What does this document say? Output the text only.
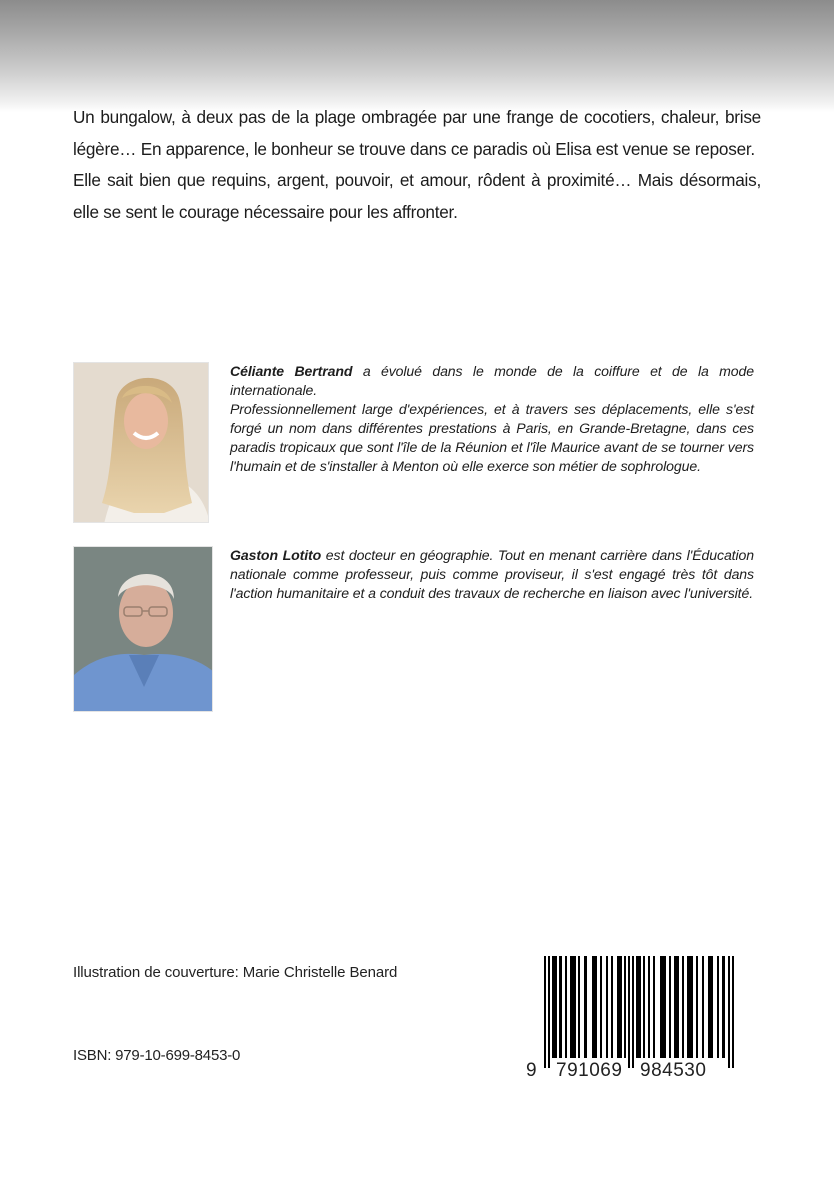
Un bungalow, à deux pas de la plage ombragée par une frange de cocotiers, chaleur, brise légère… En apparence, le bonheur se trouve dans ce paradis où Elisa est venue se reposer.

Elle sait bien que requins, argent, pouvoir, et amour, rôdent à proximité… Mais désormais, elle se sent le courage nécessaire pour les affronter.

Céliante Bertrand a évolué dans le monde de la coiffure et de la mode internationale.
Professionnellement large d'expériences, et à travers ses déplacements, elle s'est forgé un nom dans différentes prestations à Paris, en Grande-Bretagne, dans ces paradis tropicaux que sont l'île de la Réunion et l'île Maurice avant de se tourner vers l'humain et de s'installer à Menton où elle exerce son métier de sophrologue.
Gaston Lotito est docteur en géographie. Tout en menant carrière dans l'Éducation nationale comme professeur, puis comme proviseur, il s'est engagé très tôt dans l'action humanitaire et a conduit des travaux de recherche en liaison avec l'université.
Illustration de couverture: Marie Christelle Benard
ISBN: 979-10-699-8453-0
9 791069 984530
